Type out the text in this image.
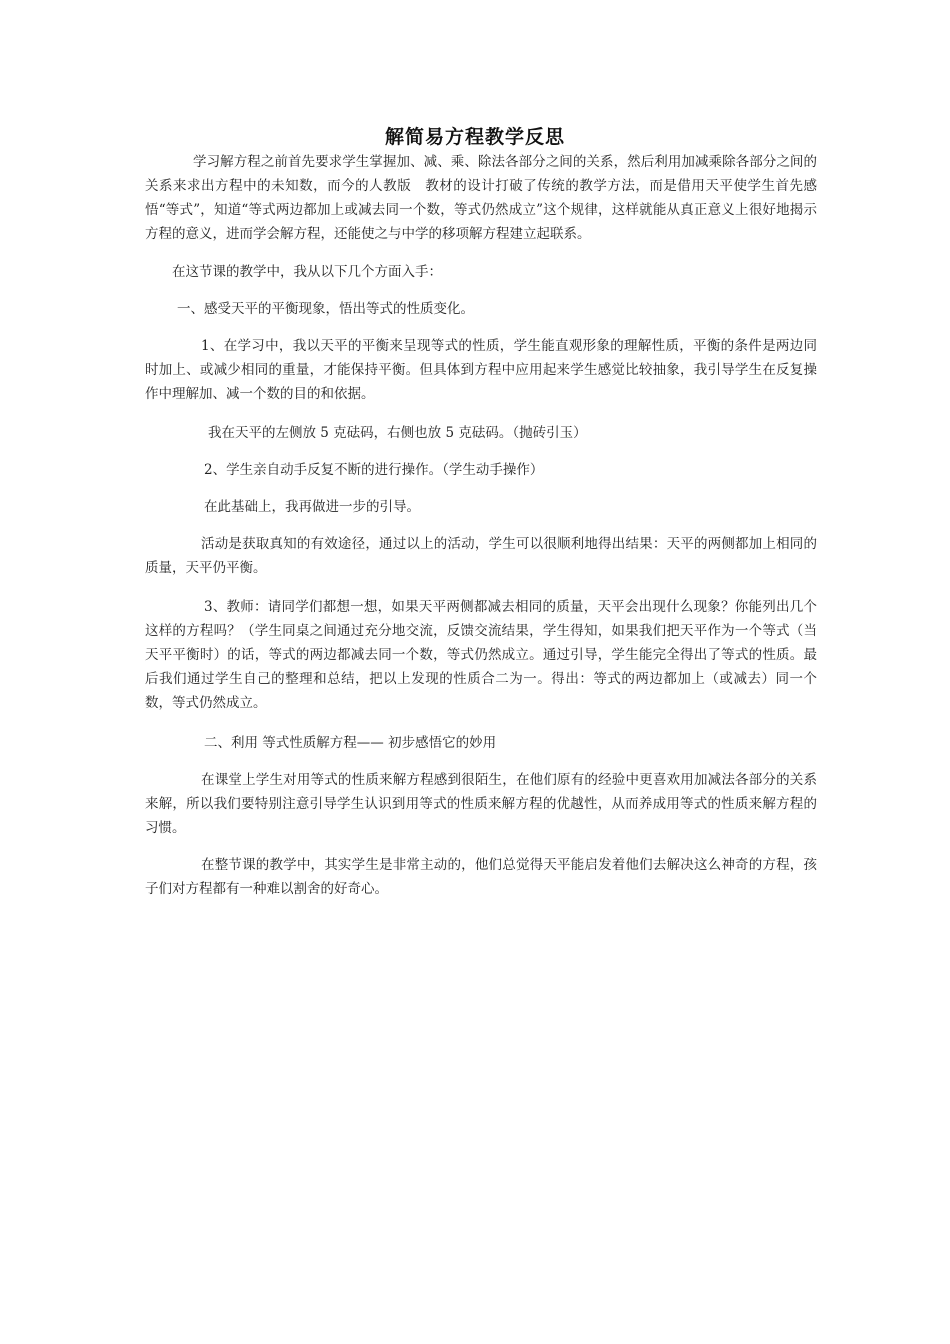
解简易方程教学反思

学习解方程之前首先要求学生掌握加、减、乘、除法各部分之间的关系，然后利用加减乘除各部分之间的关系来求出方程中的未知数，而今的人教版　教材的设计打破了传统的教学方法，而是借用天平使学生首先感悟“等式”，知道“等式两边都加上或减去同一个数，等式仍然成立”这个规律，这样就能从真正意义上很好地揭示方程的意义，进而学会解方程，还能使之与中学的移项解方程建立起联系。

在这节课的教学中，我从以下几个方面入手：

一、感受天平的平衡现象，悟出等式的性质变化。

1、在学习中，我以天平的平衡来呈现等式的性质，学生能直观形象的理解性质，平衡的条件是两边同时加上、或减少相同的重量，才能保持平衡。但具体到方程中应用起来学生感觉比较抽象，我引导学生在反复操作中理解加、减一个数的目的和依据。

我在天平的左侧放 5 克砝码，右侧也放 5 克砝码。（抛砖引玉）

2、学生亲自动手反复不断的进行操作。（学生动手操作）

在此基础上，我再做进一步的引导。

活动是获取真知的有效途径，通过以上的活动，学生可以很顺利地得出结果：天平的两侧都加上相同的质量，天平仍平衡。

3、教师：请同学们都想一想，如果天平两侧都减去相同的质量，天平会出现什么现象？你能列出几个这样的方程吗？（学生同桌之间通过充分地交流，反馈交流结果，学生得知，如果我们把天平作为一个等式（当天平平衡时）的话，等式的两边都减去同一个数，等式仍然成立。通过引导，学生能完全得出了等式的性质。最后我们通过学生自己的整理和总结，把以上发现的性质合二为一。得出：等式的两边都加上（或减去）同一个数，等式仍然成立。

二、利用 等式性质解方程—— 初步感悟它的妙用

在课堂上学生对用等式的性质来解方程感到很陌生，在他们原有的经验中更喜欢用加减法各部分的关系来解，所以我们要特别注意引导学生认识到用等式的性质来解方程的优越性，从而养成用等式的性质来解方程的习惯。

在整节课的教学中，其实学生是非常主动的，他们总觉得天平能启发着他们去解决这么神奇的方程，孩子们对方程都有一种难以割舍的好奇心。
